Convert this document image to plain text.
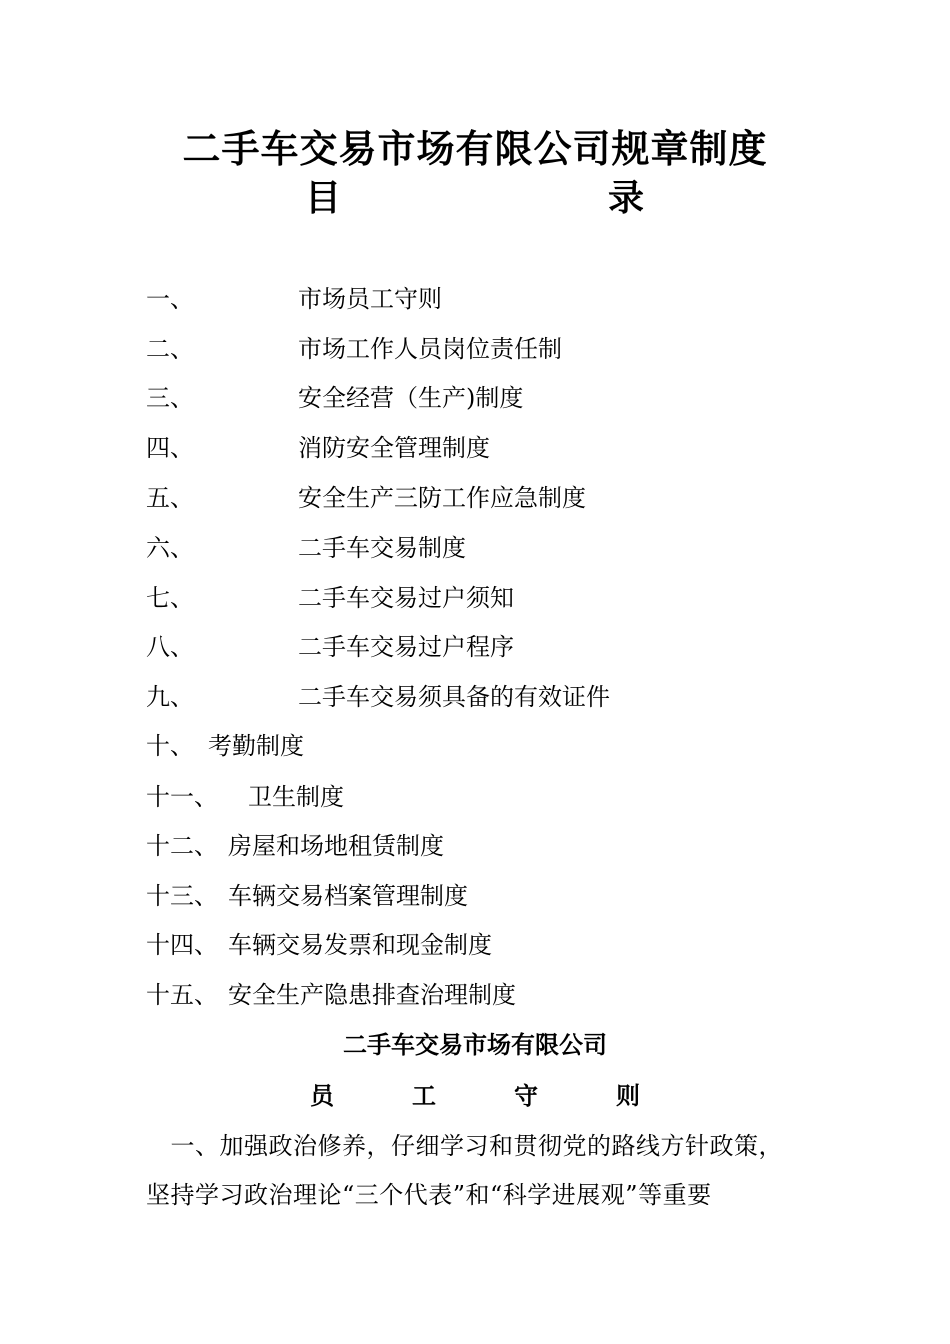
二手车交易市场有限公司规章制度
目	录
一、	市场员工守则
二、	市场工作人员岗位责任制
三、	安全经营（生产)制度
四、	消防安全管理制度
五、	安全生产三防工作应急制度
六、	二手车交易制度
七、	二手车交易过户须知
八、	二手车交易过户程序
九、	二手车交易须具备的有效证件
十、 考勤制度
十一、 卫生制度
十二、 房屋和场地租赁制度
十三、 车辆交易档案管理制度
十四、 车辆交易发票和现金制度
十五、 安全生产隐患排查治理制度
二手车交易市场有限公司
员	工	守	则
　一、加强政治修养，仔细学习和贯彻党的路线方针政策，
坚持学习政治理论“三个代表”和“科学进展观”等重要
